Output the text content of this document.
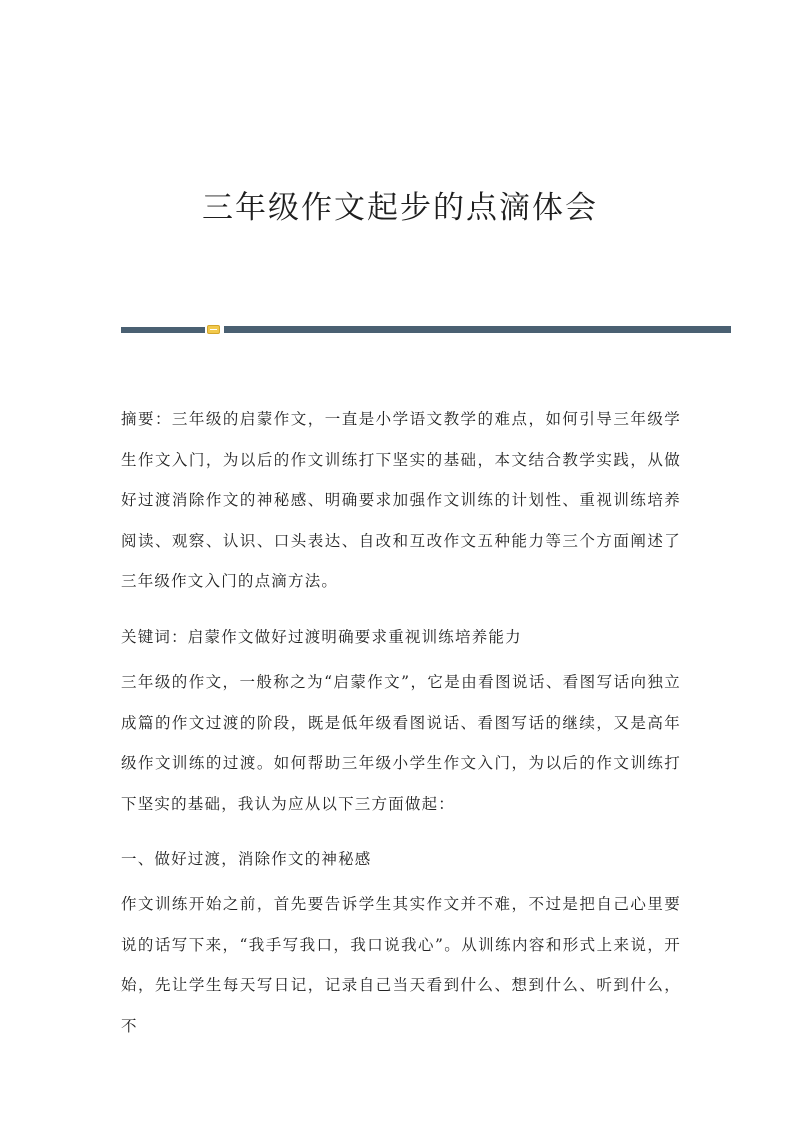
三年级作文起步的点滴体会

摘要：三年级的启蒙作文，一直是小学语文教学的难点，如何引导三年级学生作文入门，为以后的作文训练打下坚实的基础，本文结合教学实践，从做好过渡消除作文的神秘感、明确要求加强作文训练的计划性、重视训练培养阅读、观察、认识、口头表达、自改和互改作文五种能力等三个方面阐述了三年级作文入门的点滴方法。

关键词：启蒙作文做好过渡明确要求重视训练培养能力

三年级的作文，一般称之为“启蒙作文”，它是由看图说话、看图写话向独立成篇的作文过渡的阶段，既是低年级看图说话、看图写话的继续，又是高年级作文训练的过渡。如何帮助三年级小学生作文入门，为以后的作文训练打下坚实的基础，我认为应从以下三方面做起：

一、做好过渡，消除作文的神秘感

作文训练开始之前，首先要告诉学生其实作文并不难，不过是把自己心里要说的话写下来，“我手写我口，我口说我心”。从训练内容和形式上来说，开始，先让学生每天写日记，记录自己当天看到什么、想到什么、听到什么，不
